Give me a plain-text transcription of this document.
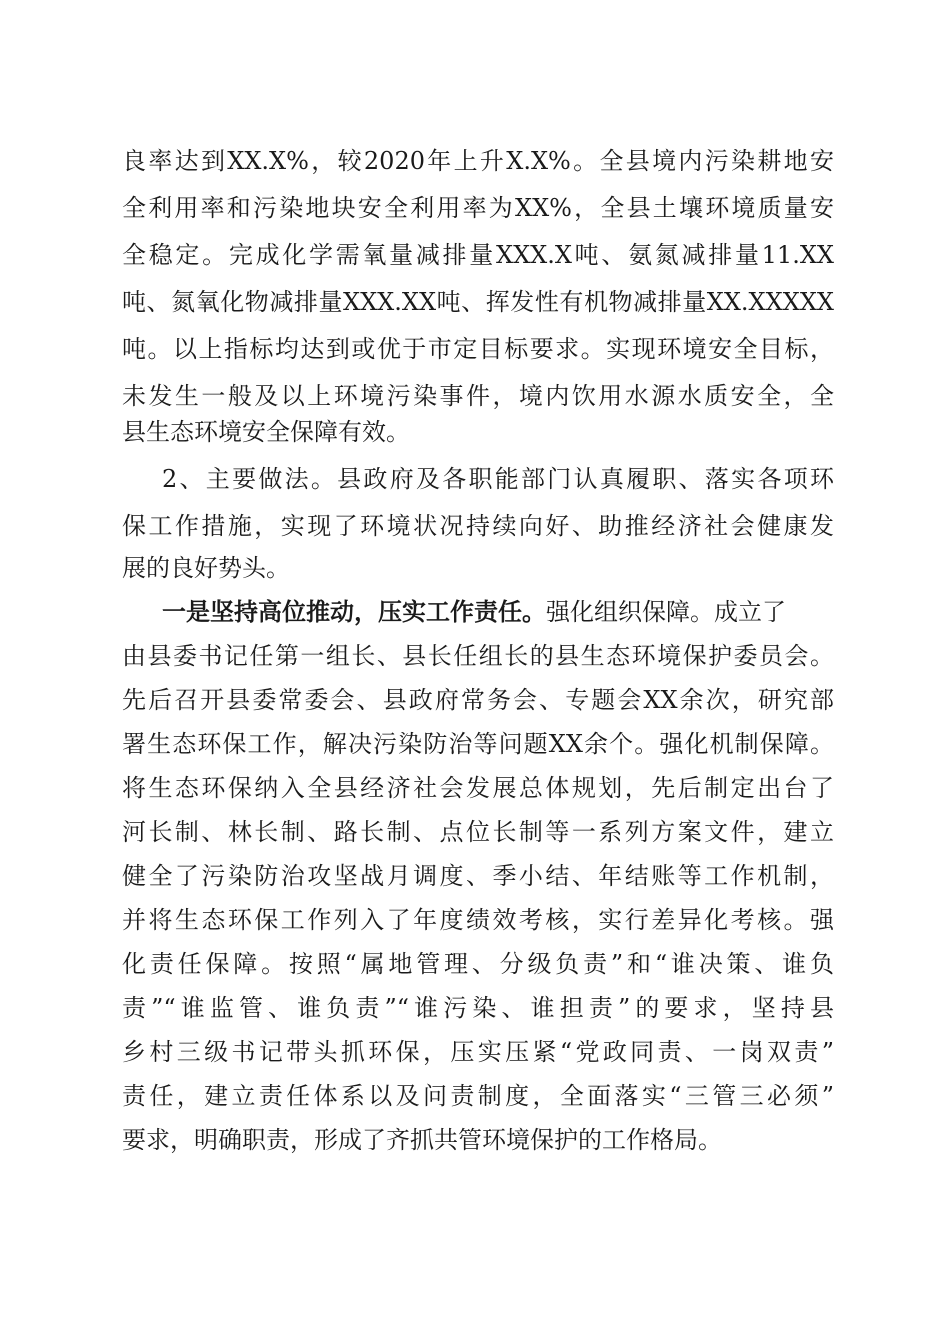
良率达到XX.X%，较2020年上升X.X%。全县境内污染耕地安
全利用率和污染地块安全利用率为XX%，全县土壤环境质量安
全稳定。完成化学需氧量减排量XXX.X吨、氨氮减排量11.XX
吨、氮氧化物减排量XXX.XX吨、挥发性有机物减排量XX.XXXXX
吨。以上指标均达到或优于市定目标要求。实现环境安全目标，
未发生一般及以上环境污染事件，境内饮用水源水质安全，全
县生态环境安全保障有效。
2、主要做法。县政府及各职能部门认真履职、落实各项环
保工作措施，实现了环境状况持续向好、助推经济社会健康发
展的良好势头。
一是坚持高位推动，压实工作责任。强化组织保障。成立了
由县委书记任第一组长、县长任组长的县生态环境保护委员会。
先后召开县委常委会、县政府常务会、专题会XX余次，研究部
署生态环保工作，解决污染防治等问题XX余个。强化机制保障。
将生态环保纳入全县经济社会发展总体规划，先后制定出台了
河长制、林长制、路长制、点位长制等一系列方案文件，建立
健全了污染防治攻坚战月调度、季小结、年结账等工作机制，
并将生态环保工作列入了年度绩效考核，实行差异化考核。强
化责任保障。按照“属地管理、分级负责”和“谁决策、谁负
责”“谁监管、谁负责”“谁污染、谁担责”的要求，坚持县
乡村三级书记带头抓环保，压实压紧“党政同责、一岗双责”
责任，建立责任体系以及问责制度，全面落实“三管三必须”
要求，明确职责，形成了齐抓共管环境保护的工作格局。
